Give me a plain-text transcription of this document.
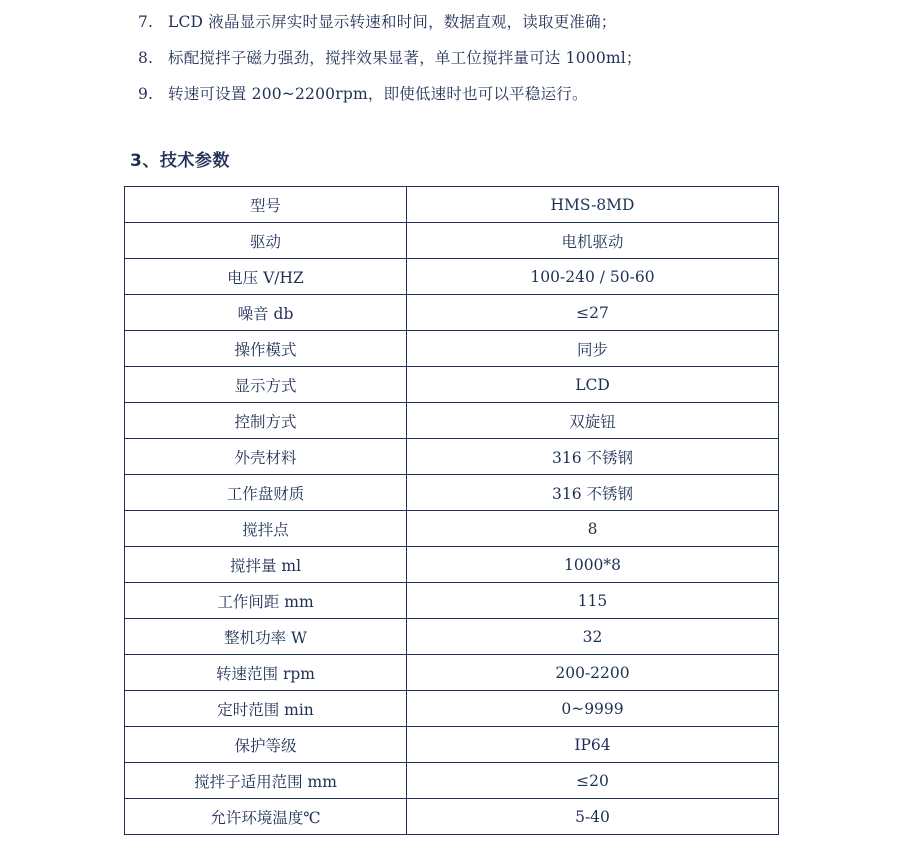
7. LCD 液晶显示屏实时显示转速和时间，数据直观，读取更准确；
8. 标配搅拌子磁力强劲，搅拌效果显著，单工位搅拌量可达 1000ml；
9. 转速可设置 200~2200rpm，即使低速时也可以平稳运行。
3、技术参数
型号	HMS-8MD
驱动	电机驱动
电压 V/HZ	100-240 / 50-60
噪音 db	≤27
操作模式	同步
显示方式	LCD
控制方式	双旋钮
外壳材料	316 不锈钢
工作盘财质	316 不锈钢
搅拌点	8
搅拌量 ml	1000*8
工作间距 mm	115
整机功率 W	32
转速范围 rpm	200-2200
定时范围 min	0~9999
保护等级	IP64
搅拌子适用范围 mm	≤20
允许环境温度℃	5-40
